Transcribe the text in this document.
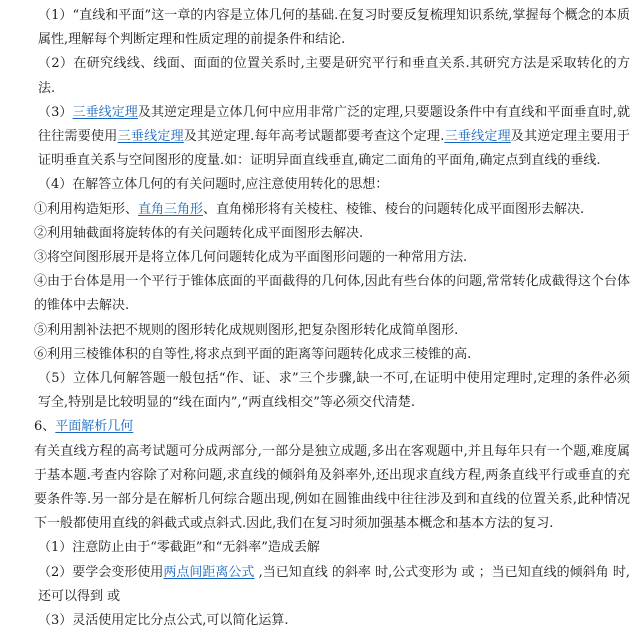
（1）“直线和平面”这一章的内容是立体几何的基础.在复习时要反复梳理知识系统,掌握每个概念的本质属性,理解每个判断定理和性质定理的前提条件和结论.

（2）在研究线线、线面、面面的位置关系时,主要是研究平行和垂直关系.其研究方法是采取转化的方法.

（3）三垂线定理及其逆定理是立体几何中应用非常广泛的定理,只要题设条件中有直线和平面垂直时,就往往需要使用三垂线定理及其逆定理.每年高考试题都要考查这个定理.三垂线定理及其逆定理主要用于证明垂直关系与空间图形的度量.如：证明异面直线垂直,确定二面角的平面角,确定点到直线的垂线.

（4）在解答立体几何的有关问题时,应注意使用转化的思想：

①利用构造矩形、直角三角形、直角梯形将有关棱柱、棱锥、棱台的问题转化成平面图形去解决.

②利用轴截面将旋转体的有关问题转化成平面图形去解决.

③将空间图形展开是将立体几何问题转化成为平面图形问题的一种常用方法.

④由于台体是用一个平行于锥体底面的平面截得的几何体,因此有些台体的问题,常常转化成截得这个台体的锥体中去解决.

⑤利用割补法把不规则的图形转化成规则图形,把复杂图形转化成简单图形.

⑥利用三棱锥体积的自等性,将求点到平面的距离等问题转化成求三棱锥的高.

（5）立体几何解答题一般包括“作、证、求”三个步骤,缺一不可,在证明中使用定理时,定理的条件必须写全,特别是比较明显的“线在面内”,“两直线相交”等必须交代清楚.

6、平面解析几何

有关直线方程的高考试题可分成两部分,一部分是独立成题,多出在客观题中,并且每年只有一个题,难度属于基本题.考查内容除了对称问题,求直线的倾斜角及斜率外,还出现求直线方程,两条直线平行或垂直的充要条件等.另一部分是在解析几何综合题出现,例如在圆锥曲线中往往涉及到和直线的位置关系,此种情况下一般都使用直线的斜截式或点斜式.因此,我们在复习时须加强基本概念和基本方法的复习.

（1）注意防止由于“零截距”和“无斜率”造成丢解

（2）要学会变形使用两点间距离公式 ,当已知直线 的斜率 时,公式变形为 或 ；当已知直线的倾斜角 时,还可以得到 或

（3）灵活使用定比分点公式,可以简化运算.
